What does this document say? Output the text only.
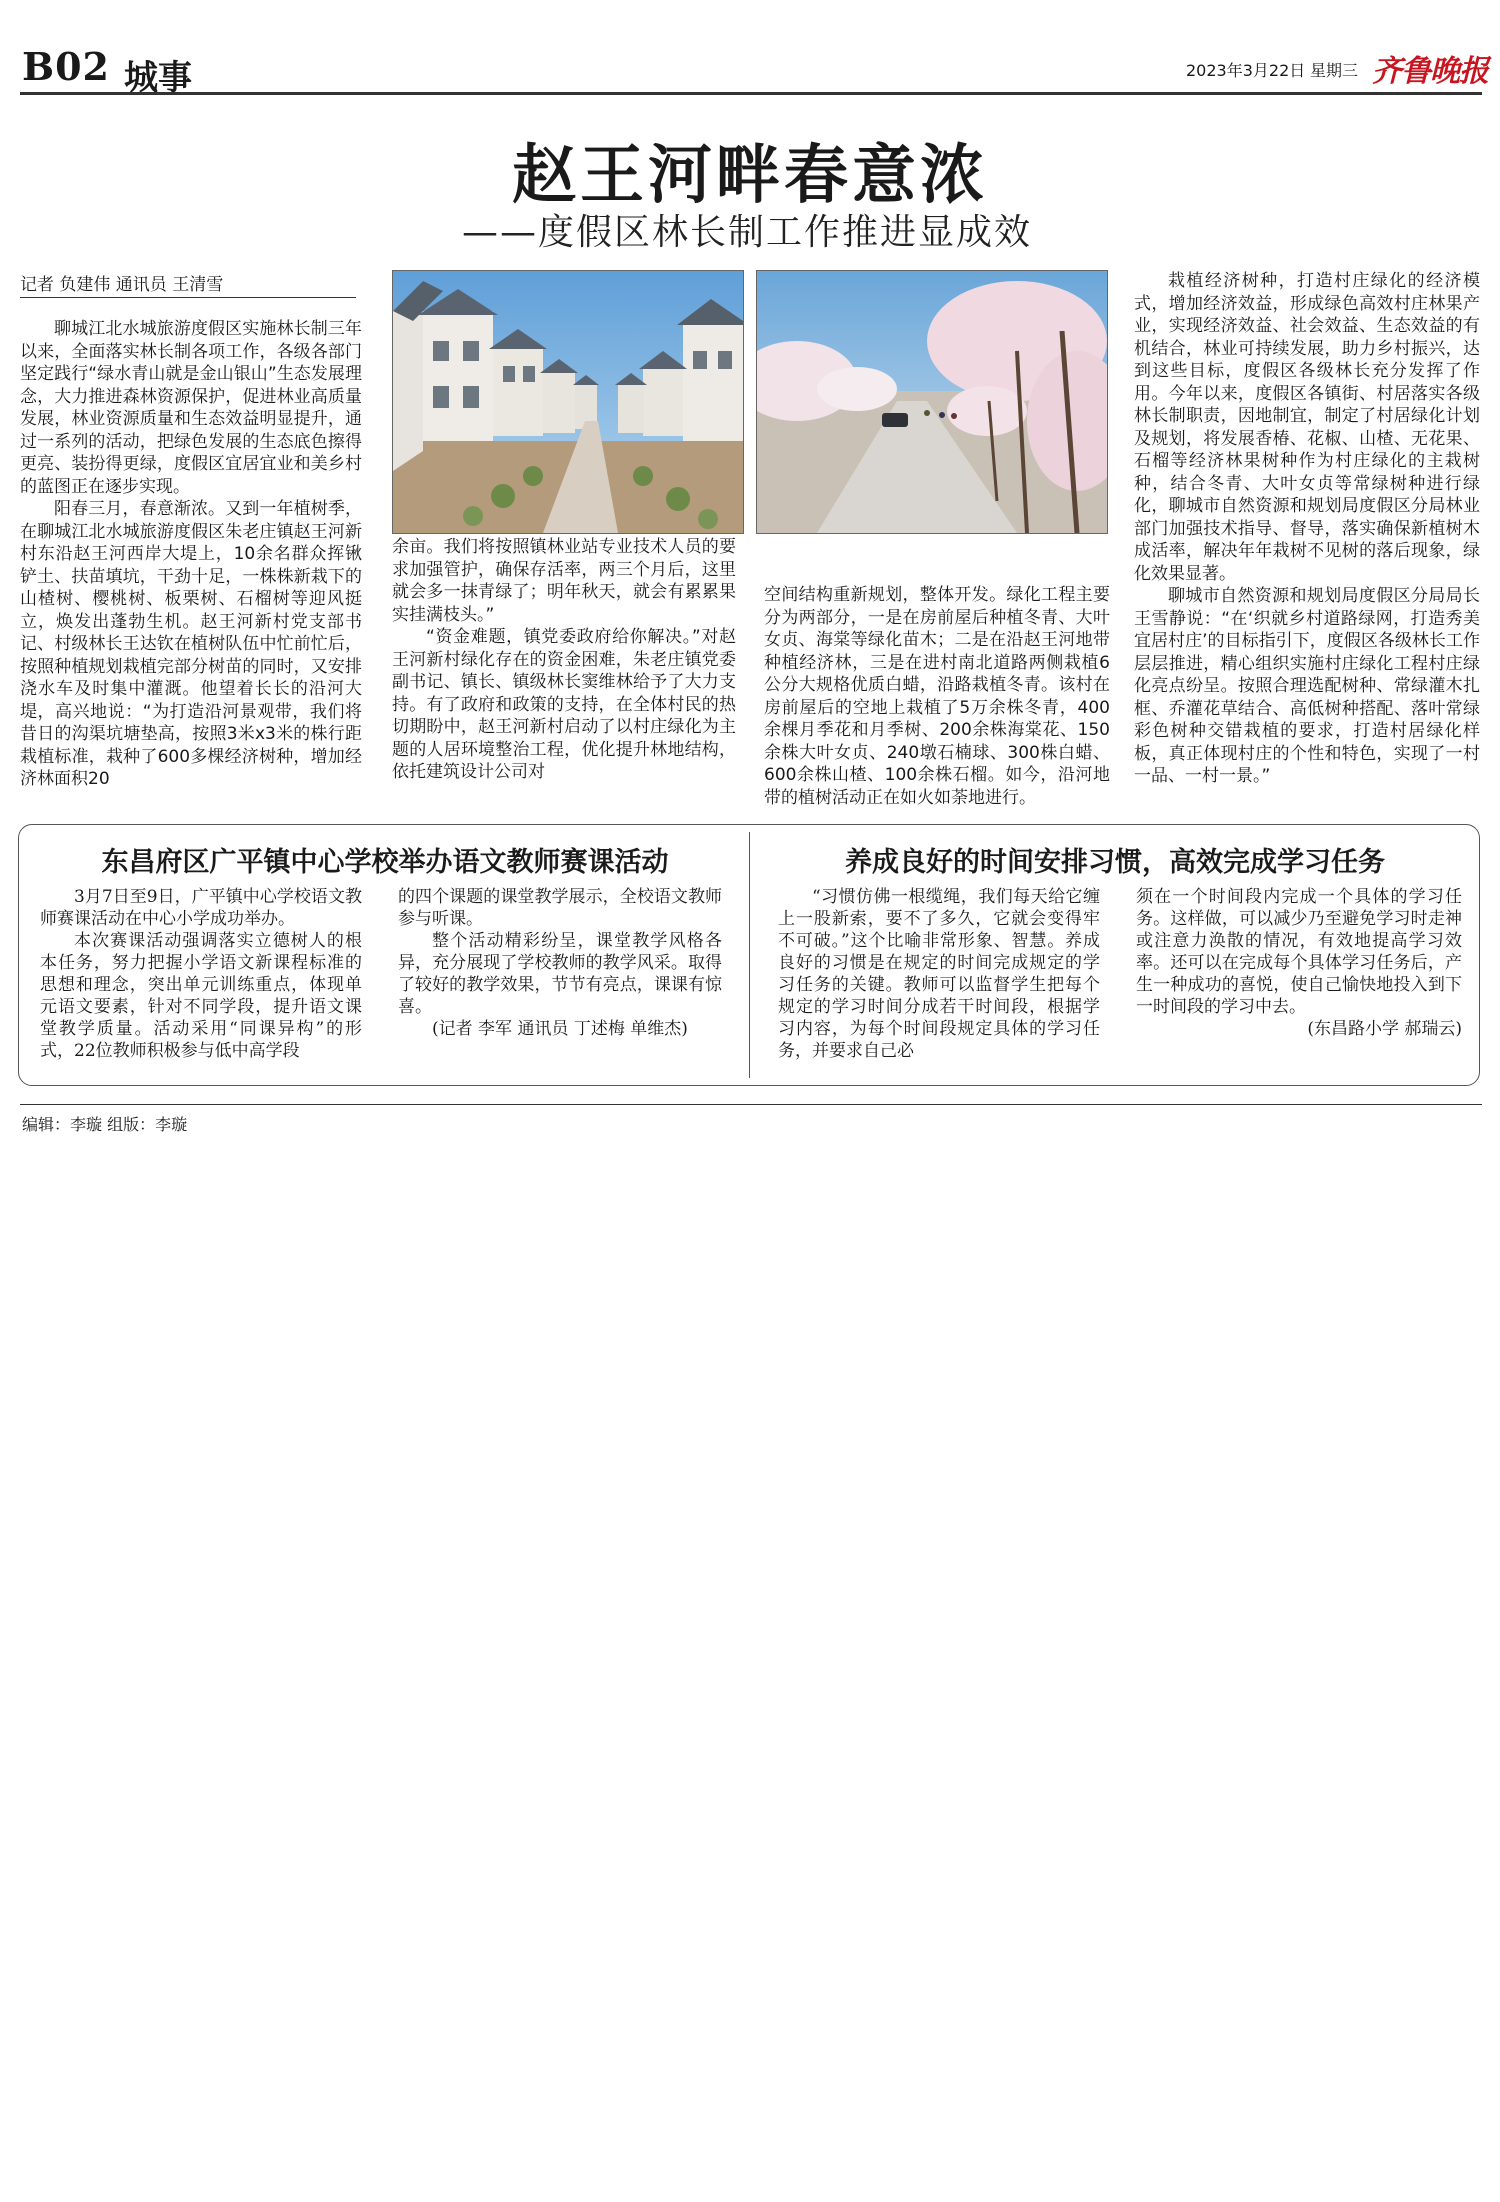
B02 城事	2023年3月22日 星期三 齐鲁晚报
赵王河畔春意浓
——度假区林长制工作推进显成效
记者 负建伟 通讯员 王清雪

聊城江北水城旅游度假区实施林长制三年以来，全面落实林长制各项工作，各级各部门坚定践行“绿水青山就是金山银山”生态发展理念，大力推进森林资源保护，促进林业高质量发展，林业资源质量和生态效益明显提升，通过一系列的活动，把绿色发展的生态底色擦得更亮、装扮得更绿，度假区宜居宜业和美乡村的蓝图正在逐步实现。

阳春三月，春意渐浓。又到一年植树季，在聊城江北水城旅游度假区朱老庄镇赵王河新村东沿赵王河西岸大堤上，10余名群众挥锹铲土、扶苗填坑，干劲十足，一株株新栽下的山楂树、樱桃树、板栗树、石榴树等迎风挺立，焕发出蓬勃生机。赵王河新村党支部书记、村级林长王达钦在植树队伍中忙前忙后，按照种植规划栽植完部分树苗的同时，又安排浇水车及时集中灌溉。他望着长长的沿河大堤，高兴地说：“为打造沿河景观带，我们将昔日的沟渠坑塘垫高，按照3米x3米的株行距栽植标准，栽种了600多棵经济树种，增加经济林面积20

余亩。我们将按照镇林业站专业技术人员的要求加强管护，确保存活率，两三个月后，这里就会多一抹青绿了；明年秋天，就会有累累果实挂满枝头。”

“资金难题，镇党委政府给你解决。”对赵王河新村绿化存在的资金困难，朱老庄镇党委副书记、镇长、镇级林长窦维林给予了大力支持。有了政府和政策的支持，在全体村民的热切期盼中，赵王河新村启动了以村庄绿化为主题的人居环境整治工程，优化提升林地结构，依托建筑设计公司对

空间结构重新规划，整体开发。绿化工程主要分为两部分，一是在房前屋后种植冬青、大叶女贞、海棠等绿化苗木；二是在沿赵王河地带种植经济林，三是在进村南北道路两侧栽植6公分大规格优质白蜡，沿路栽植冬青。该村在房前屋后的空地上栽植了5万余株冬青，400余棵月季花和月季树、200余株海棠花、150余株大叶女贞、240墩石楠球、300株白蜡、600余株山楂、100余株石榴。如今，沿河地带的植树活动正在如火如荼地进行。

栽植经济树种，打造村庄绿化的经济模式，增加经济效益，形成绿色高效村庄林果产业，实现经济效益、社会效益、生态效益的有机结合，林业可持续发展，助力乡村振兴，达到这些目标，度假区各级林长充分发挥了作用。今年以来，度假区各镇街、村居落实各级林长制职责，因地制宜，制定了村居绿化计划及规划，将发展香椿、花椒、山楂、无花果、石榴等经济林果树种作为村庄绿化的主栽树种，结合冬青、大叶女贞等常绿树种进行绿化，聊城市自然资源和规划局度假区分局林业部门加强技术指导、督导，落实确保新植树木成活率，解决年年栽树不见树的落后现象，绿化效果显著。

聊城市自然资源和规划局度假区分局局长王雪静说：“在‘织就乡村道路绿网，打造秀美宜居村庄’的目标指引下，度假区各级林长工作层层推进，精心组织实施村庄绿化工程村庄绿化亮点纷呈。按照合理选配树种、常绿灌木扎框、乔灌花草结合、高低树种搭配、落叶常绿彩色树种交错栽植的要求，打造村居绿化样板，真正体现村庄的个性和特色，实现了一村一品、一村一景。”

东昌府区广平镇中心学校举办语文教师赛课活动

3月7日至9日，广平镇中心学校语文教师赛课活动在中心小学成功举办。

本次赛课活动强调落实立德树人的根本任务，努力把握小学语文新课程标准的思想和理念，突出单元训练重点，体现单元语文要素，针对不同学段，提升语文课堂教学质量。活动采用“同课异构”的形式，22位教师积极参与低中高学段

的四个课题的课堂教学展示，全校语文教师参与听课。

整个活动精彩纷呈，课堂教学风格各异，充分展现了学校教师的教学风采。取得了较好的教学效果，节节有亮点，课课有惊喜。

(记者 李军 通讯员 丁述梅 单维杰)

养成良好的时间安排习惯，高效完成学习任务

“习惯仿佛一根缆绳，我们每天给它缠上一股新索，要不了多久，它就会变得牢不可破。”这个比喻非常形象、智慧。养成良好的习惯是在规定的时间完成规定的学习任务的关键。教师可以监督学生把每个规定的学习时间分成若干时间段，根据学习内容，为每个时间段规定具体的学习任务，并要求自己必

须在一个时间段内完成一个具体的学习任务。这样做，可以减少乃至避免学习时走神或注意力涣散的情况，有效地提高学习效率。还可以在完成每个具体学习任务后，产生一种成功的喜悦，使自己愉快地投入到下一时间段的学习中去。

(东昌路小学 郝瑞云)

编辑：李璇 组版：李璇
